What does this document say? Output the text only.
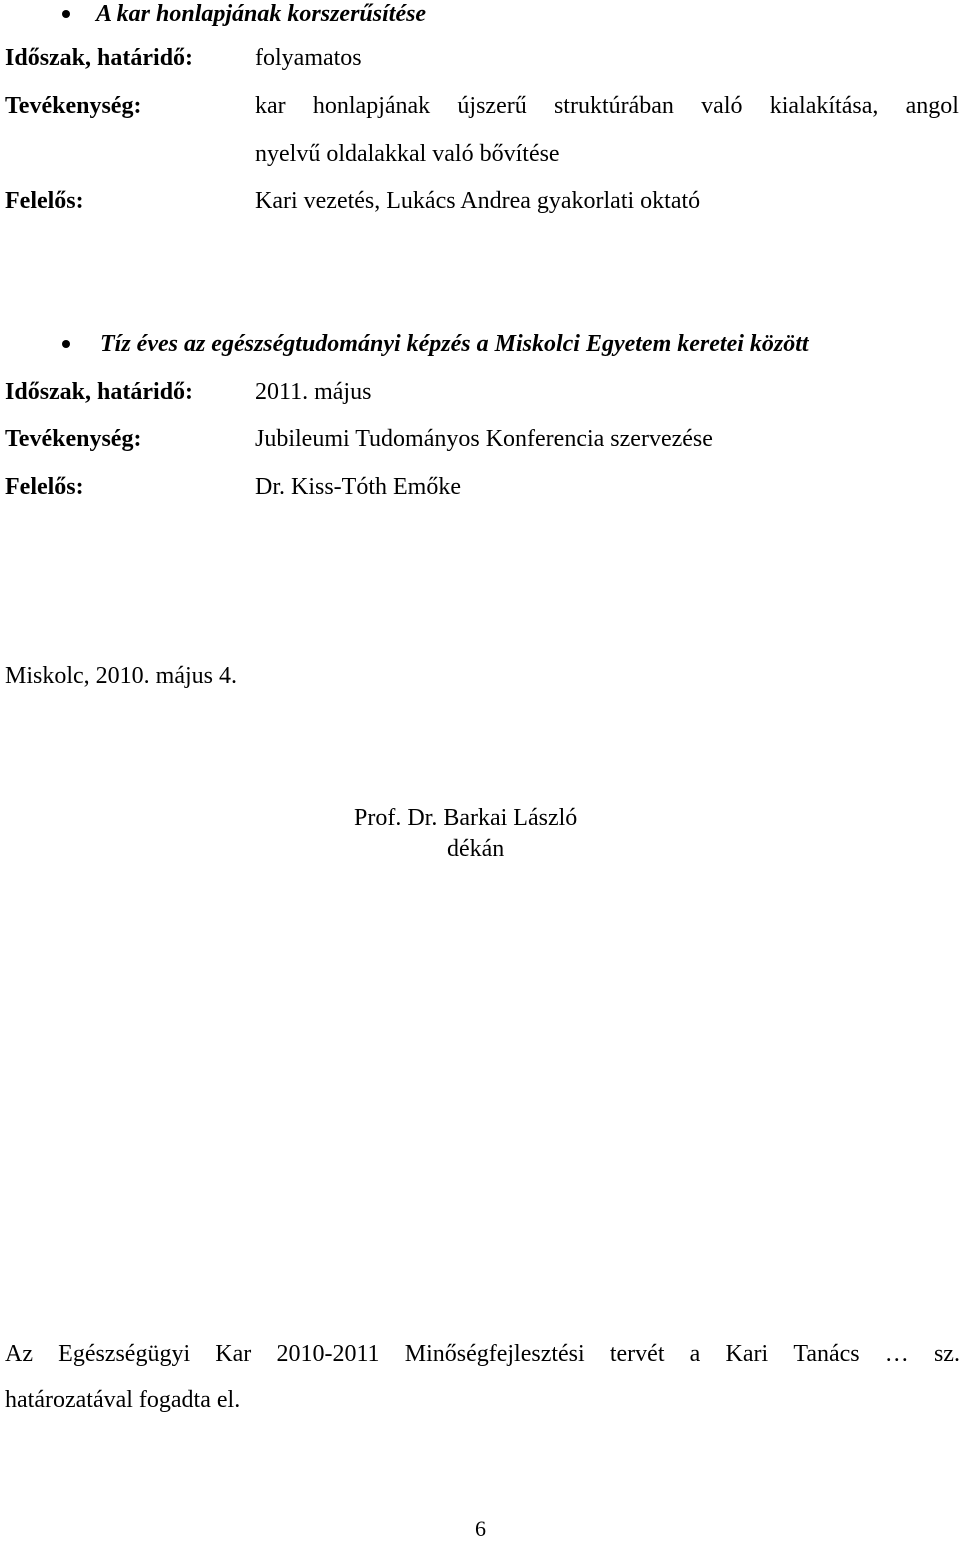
A kar honlapjának korszerűsítése
Időszak, határidő:	folyamatos
Tevékenység:	kar honlapjának újszerű struktúrában való kialakítása, angol
nyelvű oldalakkal való bővítése
Felelős:	Kari vezetés, Lukács Andrea gyakorlati oktató
Tíz éves az egészségtudományi képzés a Miskolci Egyetem keretei között
Időszak, határidő:	2011. május
Tevékenység:	Jubileumi Tudományos Konferencia szervezése
Felelős:	Dr. Kiss-Tóth Emőke
Miskolc, 2010. május 4.
Prof. Dr. Barkai László
dékán
Az Egészségügyi Kar 2010-2011 Minőségfejlesztési tervét a Kari Tanács … sz.
határozatával fogadta el.
6
